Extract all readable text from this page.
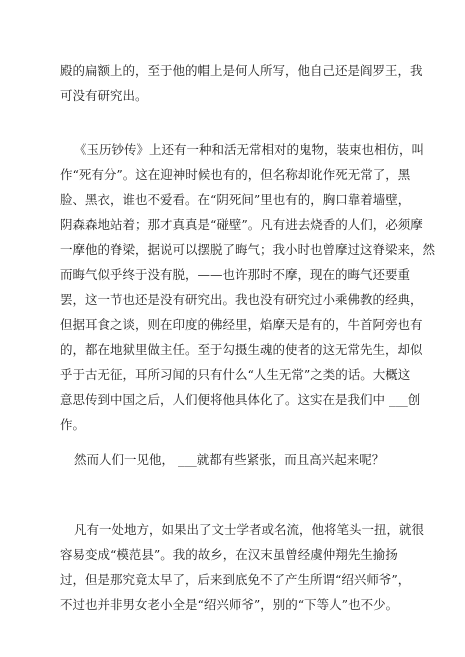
殿的扁额上的，至于他的帽上是何人所写，他自己还是阎罗王，我
可没有研究出。
《玉历钞传》上还有一种和活无常相对的鬼物，装束也相仿，叫
作“死有分”。这在迎神时候也有的，但名称却讹作死无常了，黑
脸、黑衣，谁也不爱看。在“阴死间”里也有的，胸口靠着墙壁，
阴森森地站着；那才真真是“碰壁”。凡有进去烧香的人们，必须摩
一摩他的脊梁，据说可以摆脱了晦气；我小时也曾摩过这脊梁来，然
而晦气似乎终于没有脱，——也许那时不摩，现在的晦气还要重
罢，这一节也还是没有研究出。我也没有研究过小乘佛教的经典，
但据耳食之谈，则在印度的佛经里，焰摩天是有的，牛首阿旁也有
的，都在地狱里做主任。至于勾摄生魂的使者的这无常先生，却似
乎于古无征，耳所习闻的只有什么“人生无常”之类的话。大概这
意思传到中国之后，人们便将他具体化了。这实在是我们中 ___创
作。
然而人们一见他， ___就都有些紧张，而且高兴起来呢？
凡有一处地方，如果出了文士学者或名流，他将笔头一扭，就很
容易变成“模范县”。我的故乡，在汉末虽曾经虞仲翔先生揄扬
过，但是那究竟太早了，后来到底免不了产生所谓“绍兴师爷”，
不过也并非男女老小全是“绍兴师爷”，别的“下等人”也不少。
